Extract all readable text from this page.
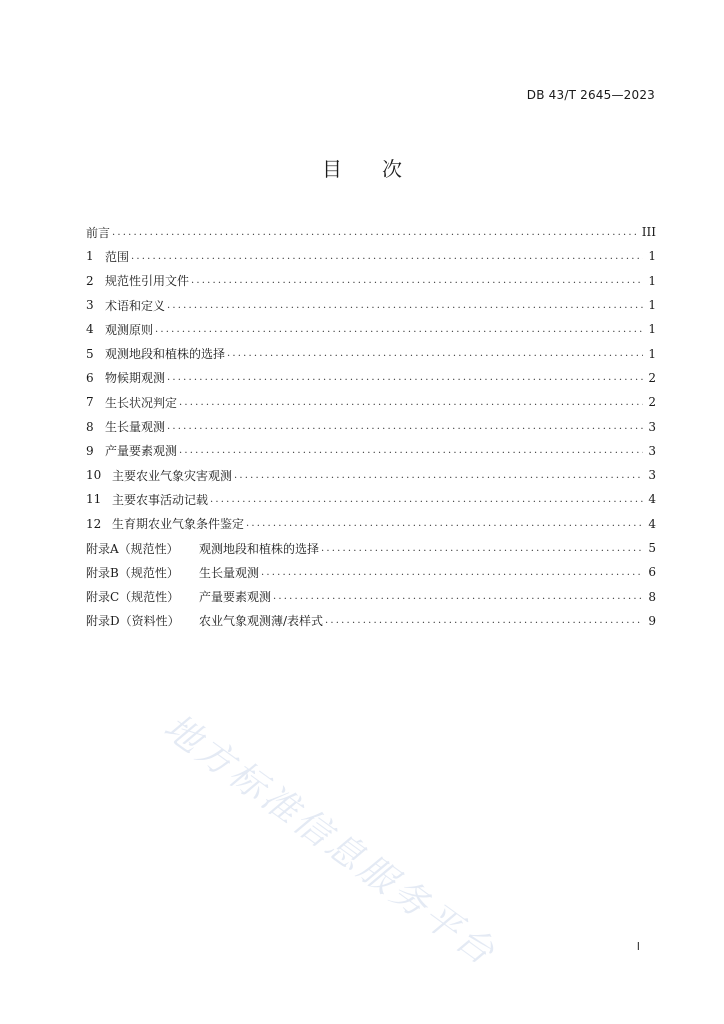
DB 43/T 2645—2023
目 次
前言 .....	III
1 范围 .....	1
2 规范性引用文件 .....	1
3 术语和定义 .....	1
4 观测原则 .....	1
5 观测地段和植株的选择 .....	1
6 物候期观测 .....	2
7 生长状况判定 .....	2
8 生长量观测 .....	3
9 产量要素观测 .....	3
10 主要农业气象灾害观测 .....	3
11 主要农事活动记载 .....	4
12 生育期农业气象条件鉴定 .....	4
附录A（规范性）	观测地段和植株的选择 .....	5
附录B（规范性）	生长量观测 .....	6
附录C（规范性）	产量要素观测 .....	8
附录D（资料性）	农业气象观测薄/表样式 .....	9
地方标准信息服务平台	I
